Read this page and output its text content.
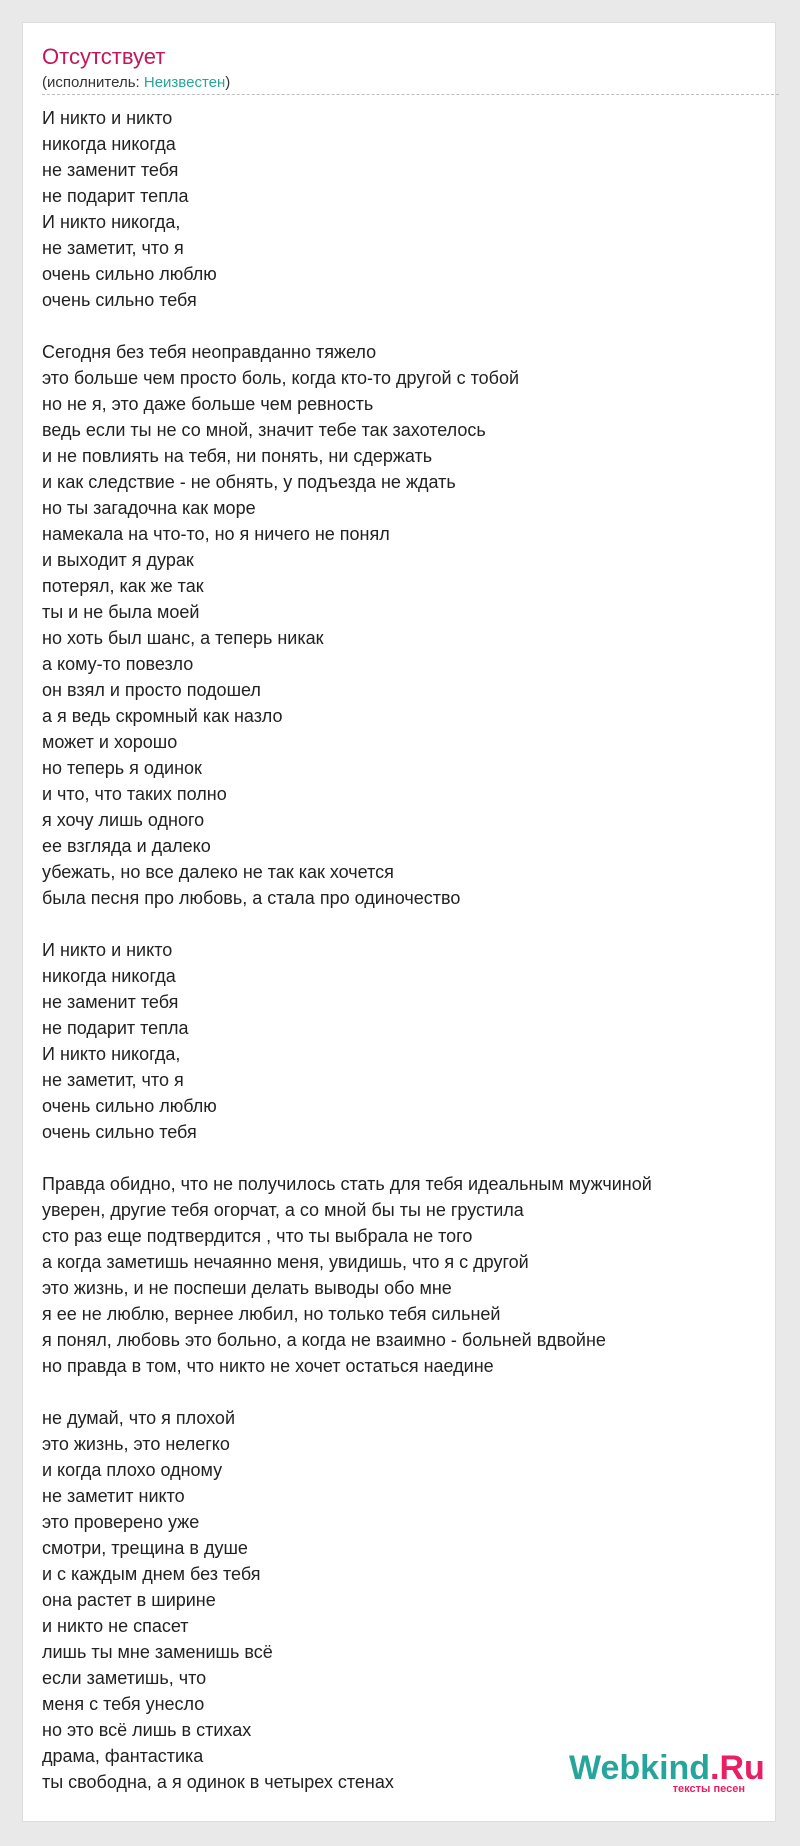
Отсутствует
(исполнитель: Неизвестен)
И никто и никто
никогда никогда
не заменит тебя
не подарит тепла
И никто никогда,
не заметит, что я
очень сильно люблю
очень сильно тебя
Сегодня без тебя неоправданно тяжело
это больше чем просто боль, когда кто-то другой с тобой
но не я, это даже больше чем ревность
ведь если ты не со мной, значит тебе так захотелось
и не повлиять на тебя, ни понять, ни сдержать
и как следствие - не обнять, у подъезда не ждать
но ты загадочна как море
намекала на что-то, но я ничего не понял
и выходит я дурак
потерял, как же так
ты и не была моей
но хоть был шанс, а теперь никак
а кому-то повезло
он взял и просто подошел
а я ведь скромный как назло
может и хорошо
но теперь я одинок
и что, что таких полно
я хочу лишь одного
ее взгляда и далеко
убежать, но все далеко не так как хочется
была песня про любовь, а стала про одиночество
И никто и никто
никогда никогда
не заменит тебя
не подарит тепла
И никто никогда,
не заметит, что я
очень сильно люблю
очень сильно тебя
Правда обидно, что не получилось стать для тебя идеальным мужчиной
уверен, другие тебя огорчат, а со мной бы ты не грустила
сто раз еще подтвердится , что ты выбрала не того
а когда заметишь нечаянно меня, увидишь, что я с другой
это жизнь, и не поспеши делать выводы обо мне
я ее не люблю, вернее любил, но только тебя сильней
я понял, любовь это больно, а когда не взаимно - больней вдвойне
но правда в том, что никто не хочет остаться наедине
не думай, что я плохой
это жизнь, это нелегко
и когда плохо одному
не заметит никто
это проверено уже
смотри, трещина в душе
и с каждым днем без тебя
она растет в ширине
и никто не спасет
лишь ты мне заменишь всё
если заметишь, что
меня с тебя унесло
но это всё лишь в стихах
драма, фантастика
ты свободна, а я одинок в четырех стенах	Webkind.Ru
тексты песен
